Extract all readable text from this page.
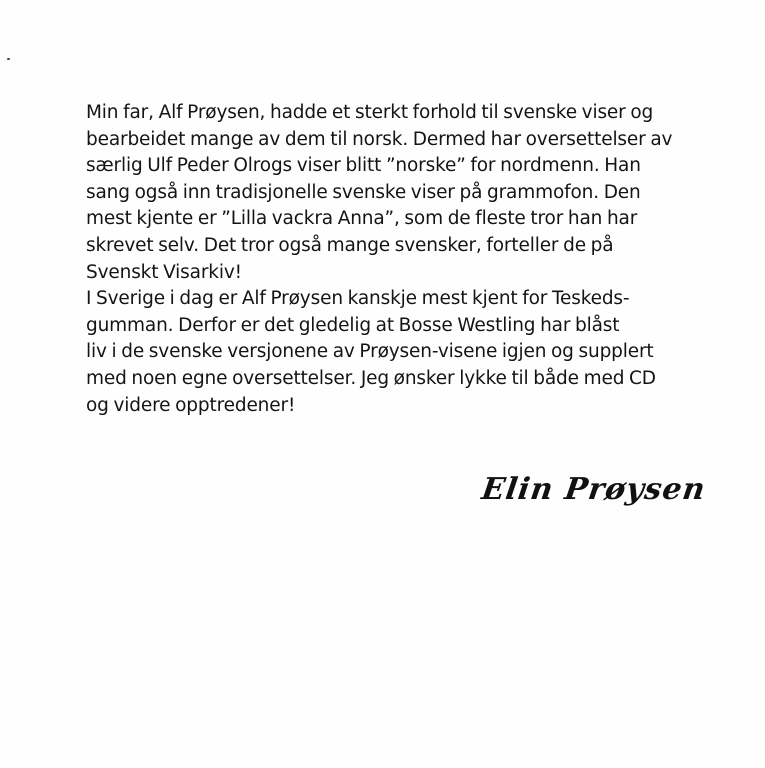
Min far, Alf Prøysen, hadde et sterkt forhold til svenske viser og
bearbeidet mange av dem til norsk. Dermed har oversettelser av
særlig Ulf Peder Olrogs viser blitt ”norske” for nordmenn. Han
sang også inn tradisjonelle svenske viser på grammofon. Den
mest kjente er ”Lilla vackra Anna”, som de fleste tror han har
skrevet selv. Det tror også mange svensker, forteller de på
Svenskt Visarkiv!
I Sverige i dag er Alf Prøysen kanskje mest kjent for Teskeds-
gumman. Derfor er det gledelig at Bosse Westling har blåst
liv i de svenske versjonene av Prøysen-visene igjen og supplert
med noen egne oversettelser. Jeg ønsker lykke til både med CD
og videre opptredener!
Elin Prøysen
